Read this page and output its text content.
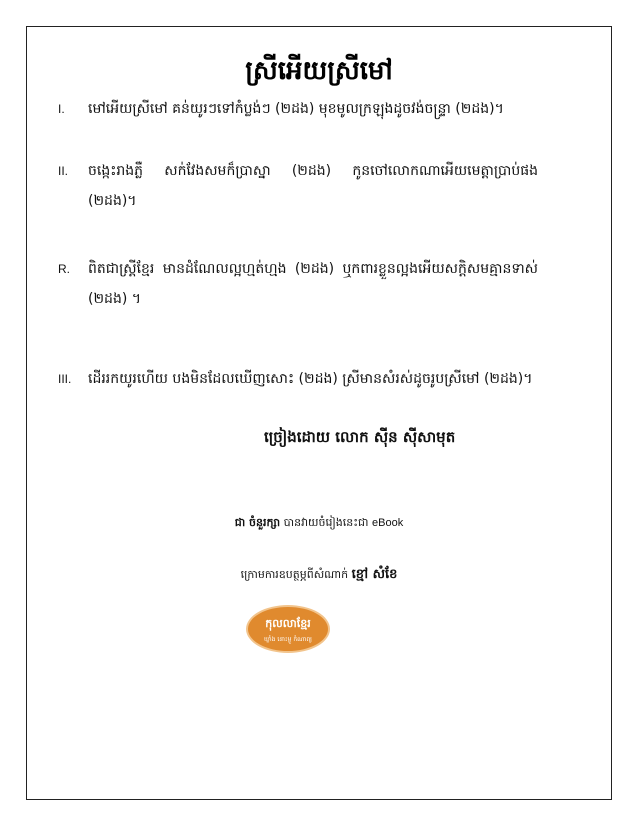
ស្រីអើយស្រីមៅ
I.	មៅអើយស្រីមៅ គន់យូរៗទៅកំប្លង់ៗ (២ដង) មុខមូលក្រឡុងដូចវង់ចន្ទ្រា (២ដង)។
II.	ចង្កេះរាងភ្លឺ សក់វែងសមក៏ប្រាស្នា (២ដង) កូនចៅលោកណាអើយមេត្តាប្រាប់ផង (២ដង)។
R.	ពិតជាស្ត្រីខ្មែរ មានដំណែលល្អហ្មត់ហ្មង (២ដង) ឬកពារខ្លួនល្អងអើយសក្តិសមគ្មានទាស់ (២ដង) ។
III.	ដើររកយូរហើយ បងមិនដែលឃើញសោះ (២ដង) ស្រីមានសំរស់ដូចរូបស្រីមៅ (២ដង)។
ច្រៀងដោយ លោក ស៊ីន ស៊ីសាមុត
ជា ចំនួរក្សា បានវាយចំរៀងនេះជា eBook
ក្រោមការឧបត្ថម្ភពីសំណាក់ ខ្មៅ សំខែ
កុលលាខ្មែរ
ឃ្លាំង នោះម្លួ កំណាព្យ
